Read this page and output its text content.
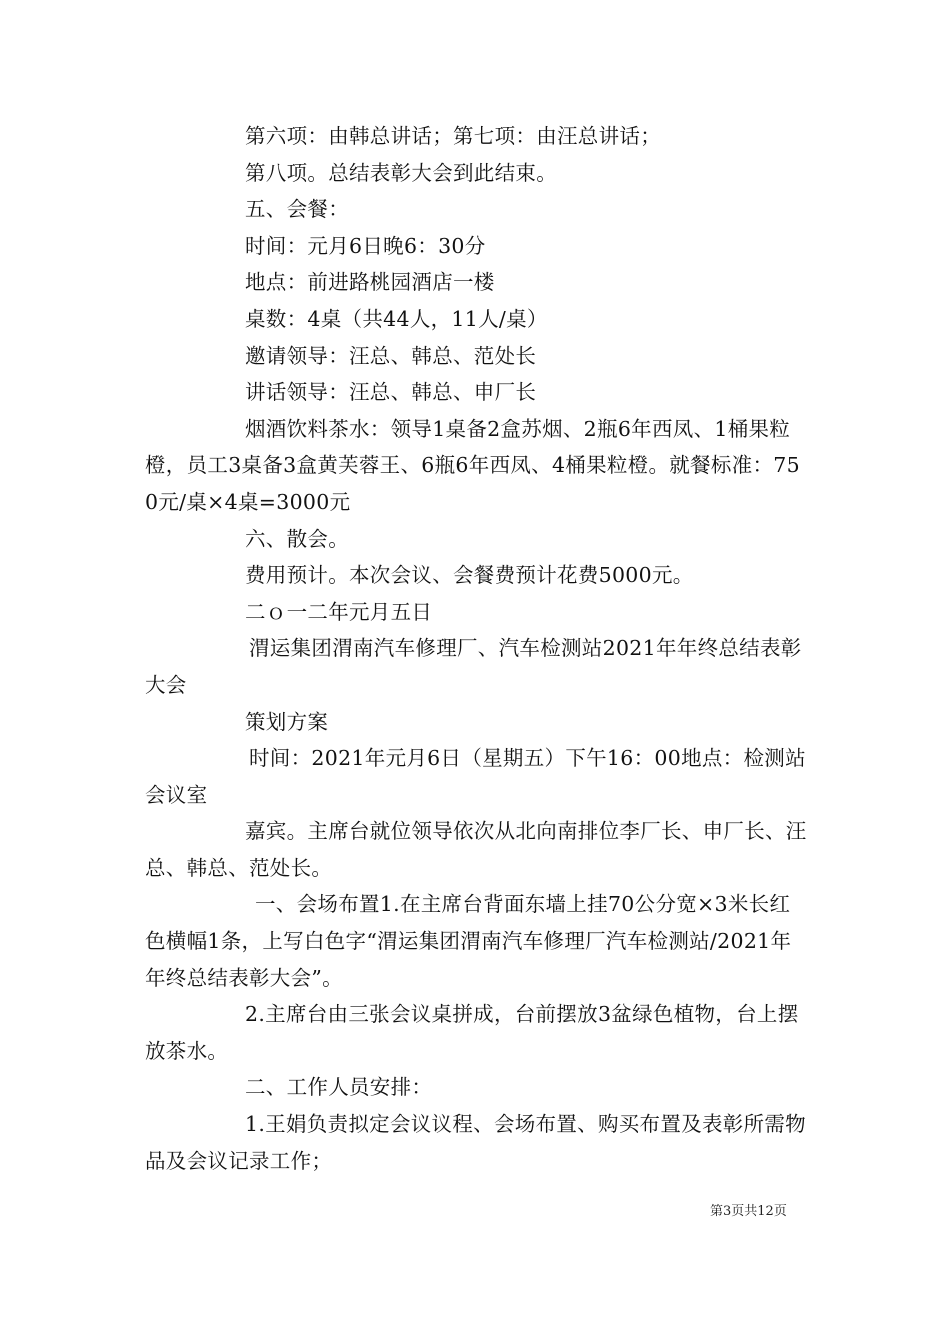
第六项：由韩总讲话；第七项：由汪总讲话；

第八项。总结表彰大会到此结束。

五、会餐：

时间：元月6日晚6：30分

地点：前进路桃园酒店一楼

桌数：4桌（共44人，11人/桌）

邀请领导：汪总、韩总、范处长

讲话领导：汪总、韩总、申厂长

烟酒饮料茶水：领导1桌备2盒苏烟、2瓶6年西凤、1桶果粒橙，员工3桌备3盒黄芙蓉王、6瓶6年西凤、4桶果粒橙。就餐标准：750元/桌×4桌=3000元

六、散会。

费用预计。本次会议、会餐费预计花费5000元。

二ｏ一二年元月五日

渭运集团渭南汽车修理厂、汽车检测站2021年年终总结表彰大会

策划方案

时间：2021年元月6日（星期五）下午16：00地点：检测站会议室

嘉宾。主席台就位领导依次从北向南排位李厂长、申厂长、汪总、韩总、范处长。

一、会场布置1.在主席台背面东墙上挂70公分宽×3米长红色横幅1条，上写白色字“渭运集团渭南汽车修理厂汽车检测站/2021年年终总结表彰大会”。

2.主席台由三张会议桌拼成，台前摆放3盆绿色植物，台上摆放茶水。

二、工作人员安排：

1.王娟负责拟定会议议程、会场布置、购买布置及表彰所需物品及会议记录工作；

第3页共12页
